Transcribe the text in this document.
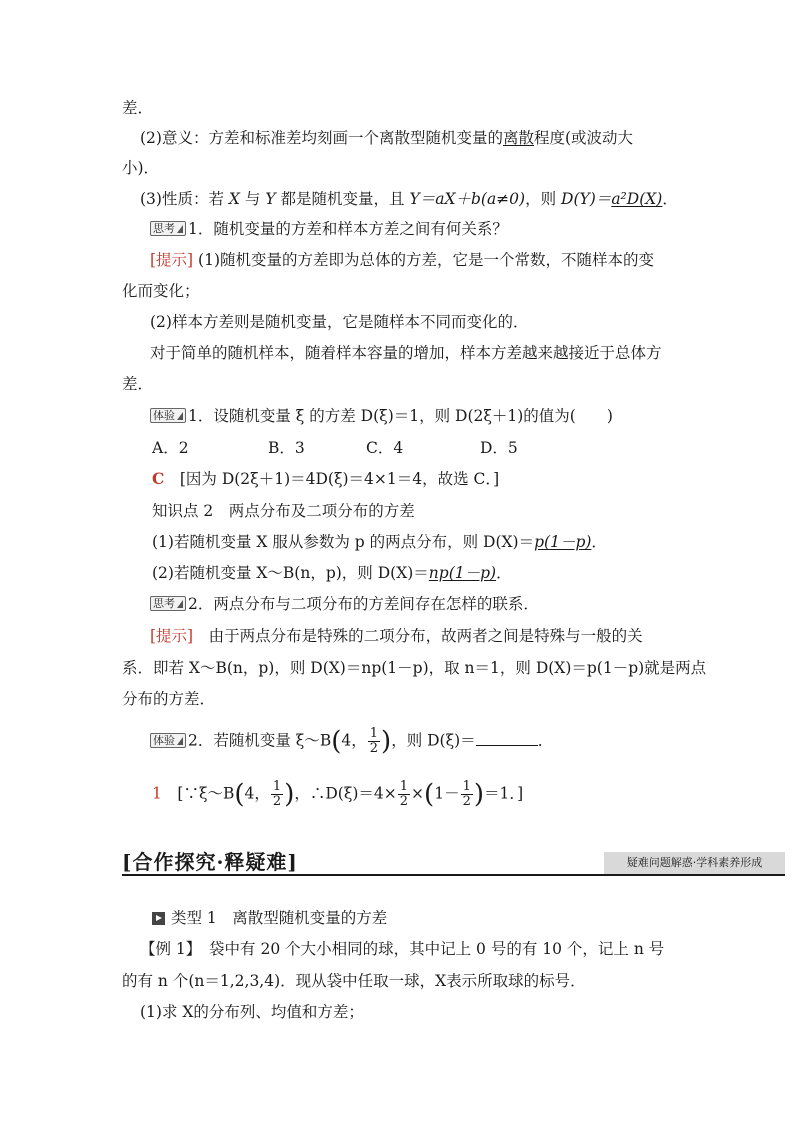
差．
(2)意义：方差和标准差均刻画一个离散型随机变量的离散程度(或波动大
小)．
(3)性质：若 X 与 Y 都是随机变量，且 Y＝aX＋b(a≠0)，则 D(Y)＝a²D(X)．
思考 1．随机变量的方差和样本方差之间有何关系？
[提示] (1)随机变量的方差即为总体的方差，它是一个常数，不随样本的变
化而变化；
(2)样本方差则是随机变量，它是随样本不同而变化的．
对于简单的随机样本，随着样本容量的增加，样本方差越来越接近于总体方
差．
体验 1．设随机变量 ξ 的方差 D(ξ)＝1，则 D(2ξ＋1)的值为(　　)
A．2	B．3	C．4	D．5
C　 [因为 D(2ξ＋1)＝4D(ξ)＝4×1＝4，故选 C．]
知识点 2　两点分布及二项分布的方差
(1)若随机变量 X 服从参数为 p 的两点分布，则 D(X)＝p(1－p)．
(2)若随机变量 X～B(n，p)，则 D(X)＝np(1－p)．
思考 2．两点分布与二项分布的方差间存在怎样的联系．
[提示]　由于两点分布是特殊的二项分布，故两者之间是特殊与一般的关
系．即若 X～B(n，p)，则 D(X)＝np(1－p)，取 n＝1，则 D(X)＝p(1－p)就是两点
分布的方差．
体验 2．若随机变量 ξ～B(4， $\frac{1}{2}$ )，则 D(ξ)＝	．
1　 [∵ξ～B(4， $\frac{1}{2}$ )，∴D(ξ)＝4× $\frac{1}{2} \times(1- \frac{1}{2} )=1$．]
[合作探究·释疑难]	疑难问题解惑·学科素养形成
类型 1　离散型随机变量的方差
【例 1】　袋中有 20 个大小相同的球，其中记上 0 号的有 10 个，记上 n 号
的有 n 个(n＝1,2,3,4)．现从袋中任取一球，X表示所取球的标号．
(1)求 X的分布列、均值和方差；
